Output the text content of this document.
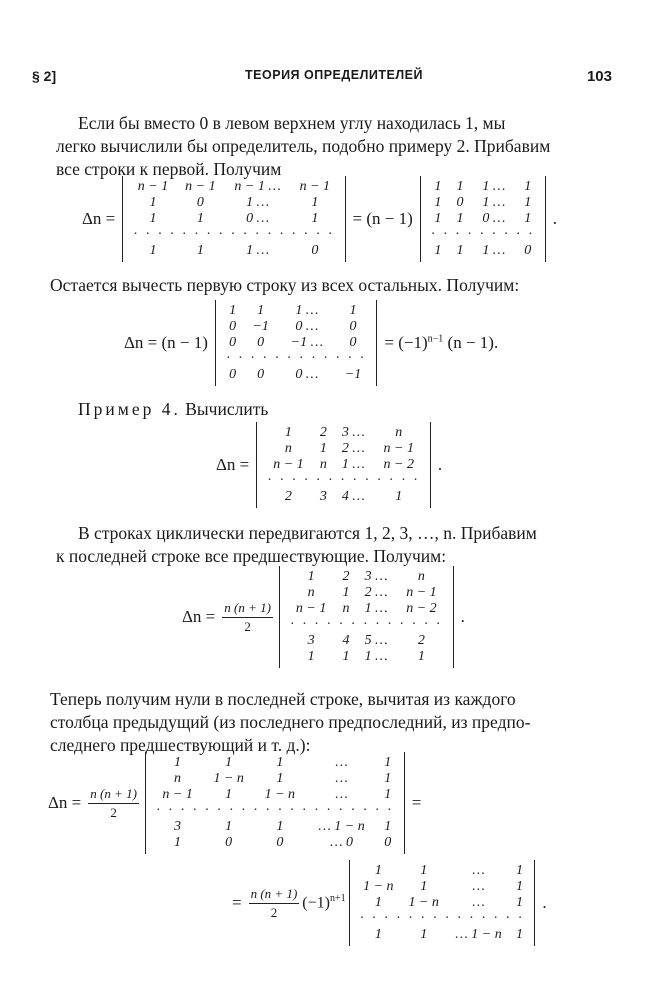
§ 2]	ТЕОРИЯ ОПРЕДЕЛИТЕЛЕЙ	103
Если бы вместо 0 в левом верхнем углу находилась 1, мы
легко вычислили бы определитель, подобно примеру 2. Прибавим
все строки к первой. Получим
Δn =
n − 1	n − 1	n − 1 …	n − 1
1	0	1 …	1
1	1	0 …	1
· · · · · · · · · · · · · · · · ·			
1	1	1 …	0
= (n − 1)
1	1	1 …	1
1	0	1 …	1
1	1	0 …	1
· · · · · · · · ·			
1	1	1 …	0
.
Остается вычесть первую строку из всех остальных. Получим:
Δn = (n − 1)
1	1	1 …	1
0	−1	0 …	0
0	0	−1 …	0
· · · · · · · · · · · ·			
0	0	0 …	−1
= $(-1)^{n-1}$ (n − 1).
Пример 4. Вычислить
Δn =
1	2	3 …	n
n	1	2 …	n − 1
n − 1	n	1 …	n − 2
· · · · · · · · · · · · ·			
2	3	4 …	1
.
В строках циклически передвигаются 1, 2, 3, …, n. Прибавим
к последней строке все предшествующие. Получим:
$\Delta n = \frac{n (n + 1)}{2}$
1	2	3 …	n
n	1	2 …	n − 1
n − 1	n	1 …	n − 2
· · · · · · · · · · · · ·			
3	4	5 …	2
1	1	1 …	1
.
Теперь получим нули в последней строке, вычитая из каждого
столбца предыдущий (из последнего предпоследний, из предпо-
следнего предшествующий и т. д.):
$\Delta n = \frac{n (n + 1)}{2}$
1	1	1	…	1
n	1 − n	1	…	1
n − 1	1	1 − n	…	1
· · · · · · · · · · · · · · · · · · · ·				
3	1	1	… 1 − n	1
1	0	0	… 0	0
=
= $\frac{n (n + 1)}{2} (-1)^{n+1}$
1	1	…	1
1 − n	1	…	1
1	1 − n	…	1
· · · · · · · · · · · · · ·			
1	1	… 1 − n	1
.
